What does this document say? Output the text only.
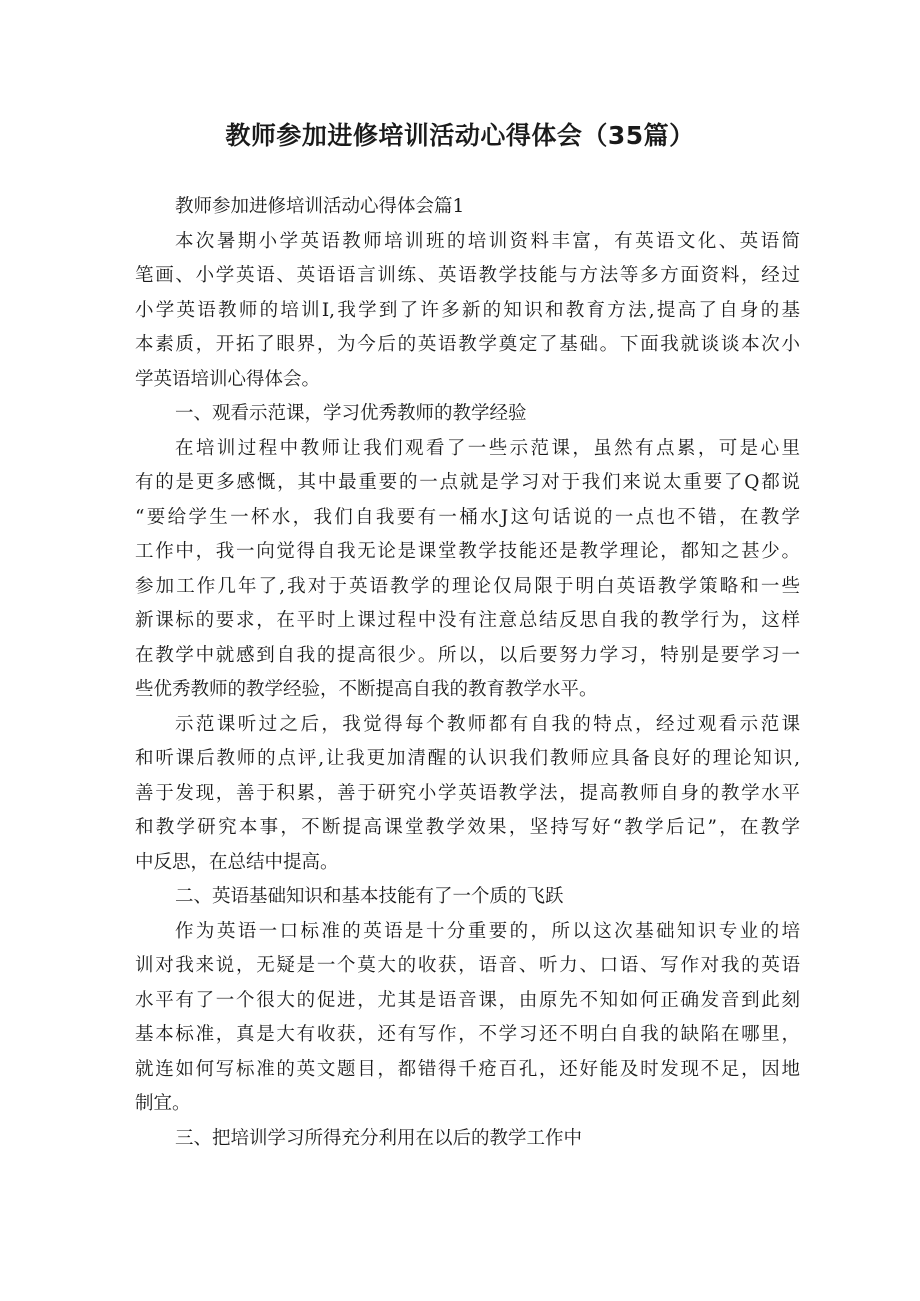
教师参加进修培训活动心得体会（35篇）
教师参加进修培训活动心得体会篇1
本次暑期小学英语教师培训班的培训资料丰富，有英语文化、英语简
笔画、小学英语、英语语言训练、英语教学技能与方法等多方面资料，经过
小学英语教师的培训I,我学到了许多新的知识和教育方法,提高了自身的基
本素质，开拓了眼界，为今后的英语教学奠定了基础。下面我就谈谈本次小
学英语培训心得体会。
一、观看示范课，学习优秀教师的教学经验
在培训过程中教师让我们观看了一些示范课，虽然有点累，可是心里
有的是更多感慨，其中最重要的一点就是学习对于我们来说太重要了Q都说
“要给学生一杯水，我们自我要有一桶水J这句话说的一点也不错，在教学
工作中，我一向觉得自我无论是课堂教学技能还是教学理论，都知之甚少。
参加工作几年了,我对于英语教学的理论仅局限于明白英语教学策略和一些
新课标的要求，在平时上课过程中没有注意总结反思自我的教学行为，这样
在教学中就感到自我的提高很少。所以，以后要努力学习，特别是要学习一
些优秀教师的教学经验，不断提高自我的教育教学水平。
示范课听过之后，我觉得每个教师都有自我的特点，经过观看示范课
和听课后教师的点评,让我更加清醒的认识我们教师应具备良好的理论知识,
善于发现，善于积累，善于研究小学英语教学法，提高教师自身的教学水平
和教学研究本事，不断提高课堂教学效果，坚持写好“教学后记”，在教学
中反思，在总结中提高。
二、英语基础知识和基本技能有了一个质的飞跃
作为英语一口标准的英语是十分重要的，所以这次基础知识专业的培
训对我来说，无疑是一个莫大的收获，语音、听力、口语、写作对我的英语
水平有了一个很大的促进，尤其是语音课，由原先不知如何正确发音到此刻
基本标准，真是大有收获，还有写作，不学习还不明白自我的缺陷在哪里，
就连如何写标准的英文题目，都错得千疮百孔，还好能及时发现不足，因地
制宜。
三、把培训学习所得充分利用在以后的教学工作中
